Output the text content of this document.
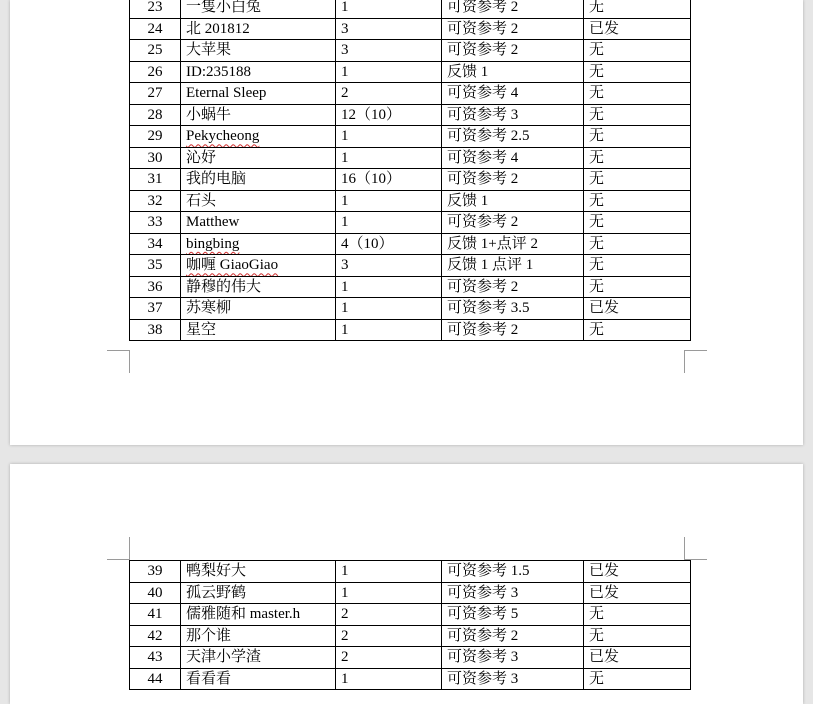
23	一隻小白兔	1	可资参考 2	无
24	北 201812	3	可资参考 2	已发
25	大苹果	3	可资参考 2	无
26	ID:235188	1	反馈 1	无
27	Eternal Sleep	2	可资参考 4	无
28	小蜗牛	12（10）	可资参考 3	无
29	Pekycheong	1	可资参考 2.5	无
30	沁妤	1	可资参考 4	无
31	我的电脑	16（10）	可资参考 2	无
32	石头	1	反馈 1	无
33	Matthew	1	可资参考 2	无
34	bingbing	4（10）	反馈 1+点评 2	无
35	咖喱 GiaoGiao	3	反馈 1 点评 1	无
36	静穆的伟大	1	可资参考 2	无
37	苏寒柳	1	可资参考 3.5	已发
38	星空	1	可资参考 2	无
39	鸭梨好大	1	可资参考 1.5	已发
40	孤云野鹤	1	可资参考 3	已发
41	儒雅随和 master.h	2	可资参考 5	无
42	那个谁	2	可资参考 2	无
43	天津小学渣	2	可资参考 3	已发
44	看看看	1	可资参考 3	无
